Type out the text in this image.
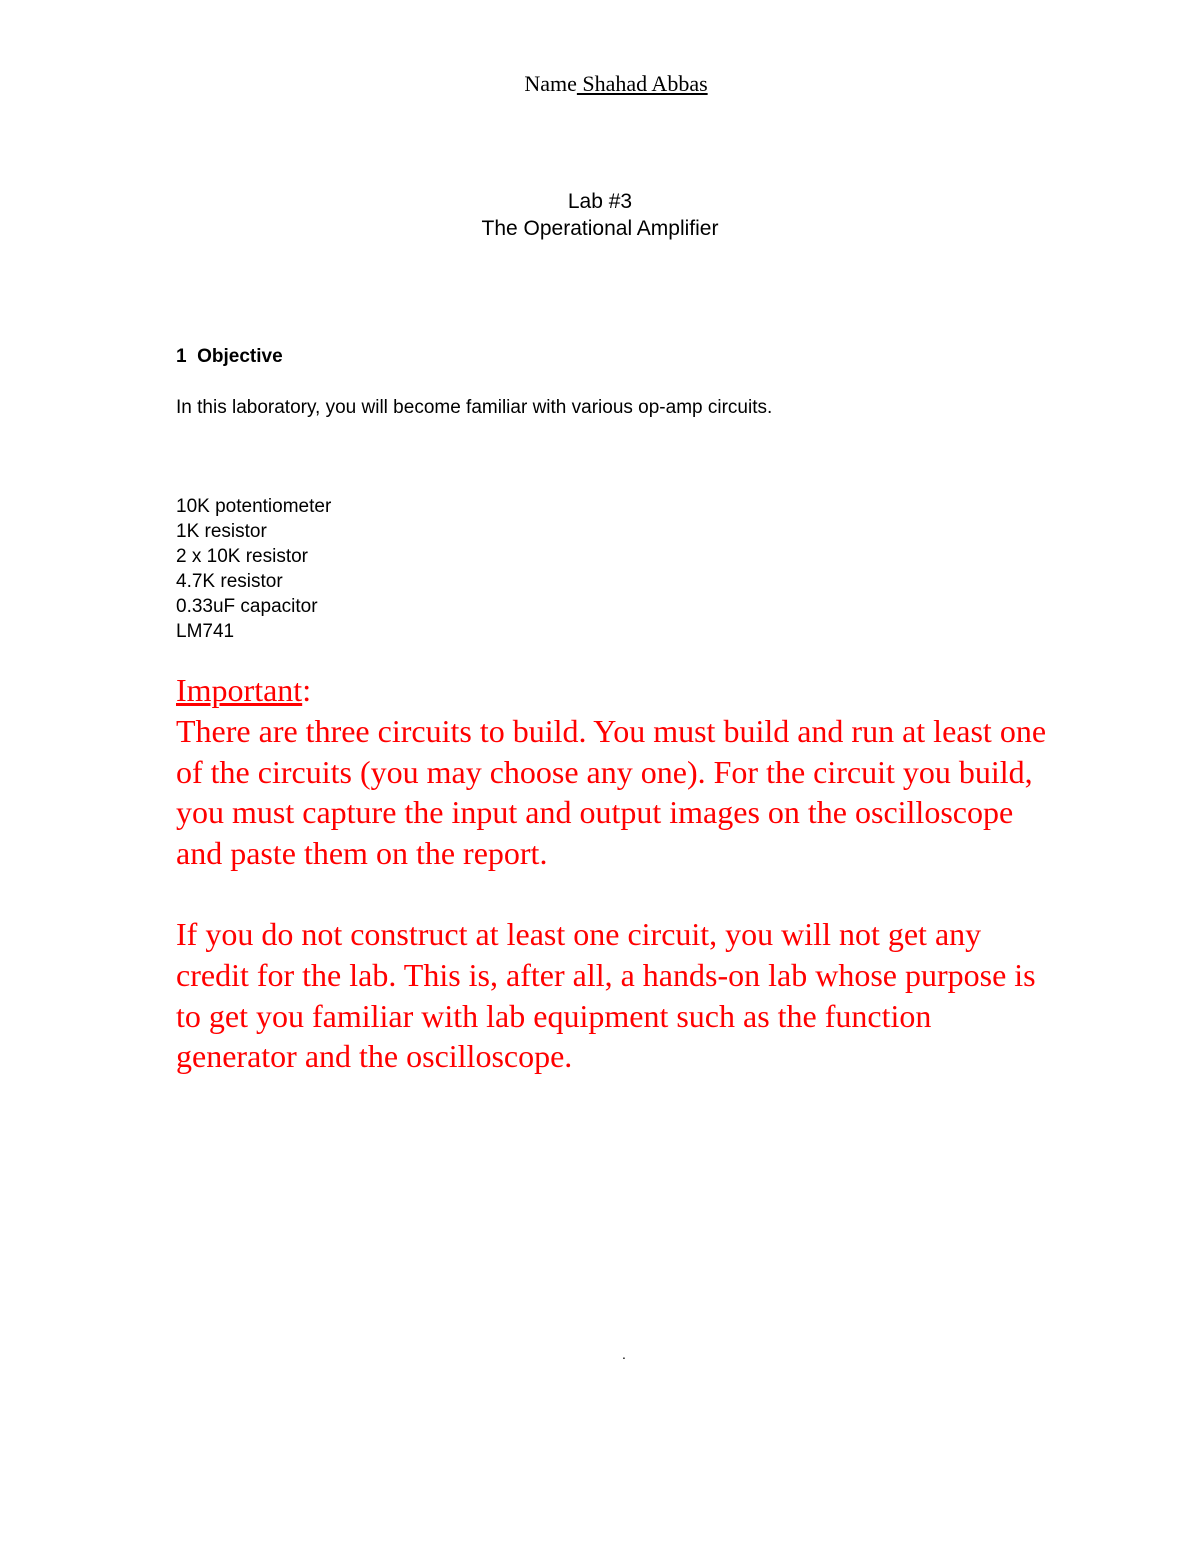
Name Shahad Abbas
Lab #3
The Operational Amplifier
1  Objective
In this laboratory, you will become familiar with various op-amp circuits.
10K potentiometer
1K resistor
2 x 10K resistor
4.7K resistor
0.33uF capacitor
LM741
Important:

There are three circuits to build. You must build and run at least one of the circuits (you may choose any one). For the circuit you build, you must capture the input and output images on the oscilloscope and paste them on the report.

If you do not construct at least one circuit, you will not get any credit for the lab. This is, after all, a hands-on lab whose purpose is to get you familiar with lab equipment such as the function generator and the oscilloscope.

.
